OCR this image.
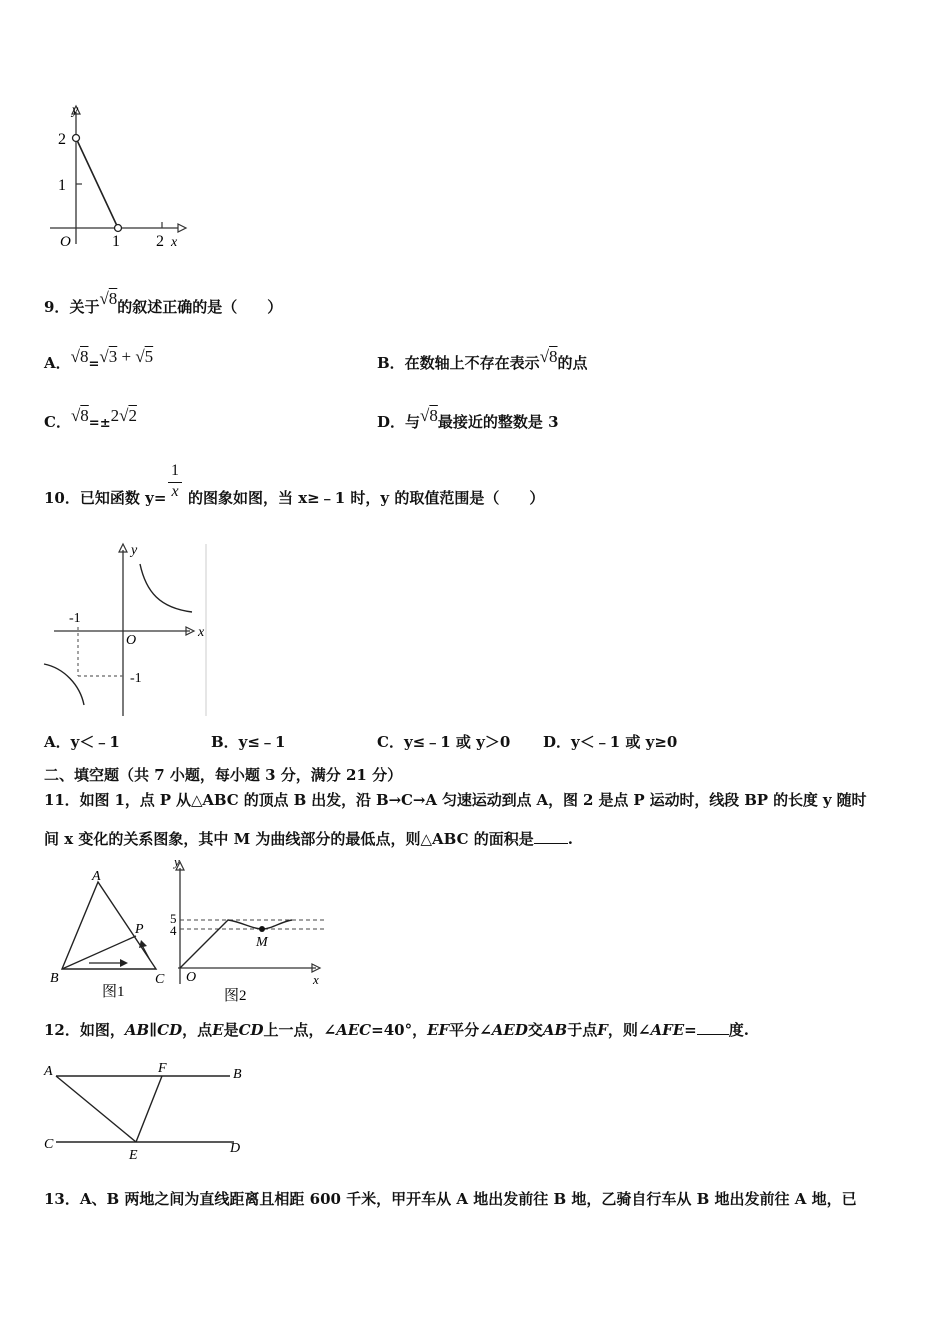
y
2
1
O	1 2 x
9．关于√8的叙述正确的是（　　）
A．√8=√3 + √5	B．在数轴上不存在表示√8的点
C．√8=±2√2	D．与√8最接近的整数是 3
10．已知函数 y=
1
x 的图象如图，当 x≥﹣1 时，y 的取值范围是（　　）
-1
-1
O
y
x
A．y＜﹣1	B．y≤﹣1	C．y≤﹣1 或 y＞0 D．y＜﹣1 或 y≥0
二、填空题（共 7 小题，每小题 3 分，满分 21 分）
11．如图 1，点 P 从△ABC 的顶点 B 出发，沿 B→C→A 匀速运动到点 A，图 2 是点 P 运动时，线段 BP 的长度 y 随时
间 x 变化的关系图象，其中 M 为曲线部分的最低点，则△ABC 的面积是 .
A
B	C
P
图1
5
4
M
O
y
x
图2
12．如图，AB∥CD，点E是CD上一点，∠AEC=40°，EF平分∠AED交AB于点F，则∠AFE= 度.
A	F	B
C
E	D
13．A、B 两地之间为直线距离且相距 600 千米，甲开车从 A 地出发前往 B 地，乙骑自行车从 B 地出发前往 A 地，已
